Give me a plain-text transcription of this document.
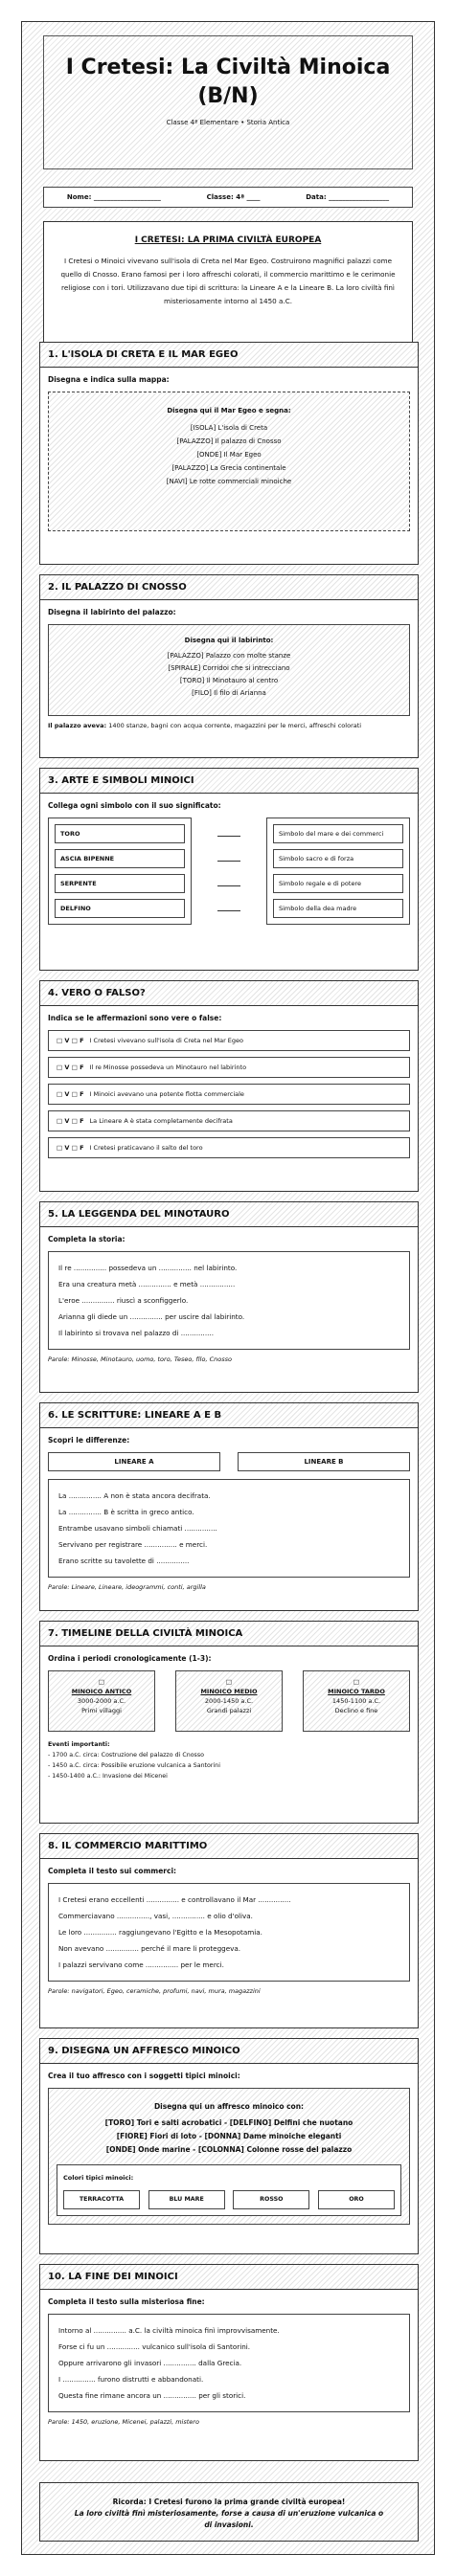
I Cretesi: La Civiltà Minoica
(B/N)
Classe 4ª Elementare • Storia Antica
Nome: ____________________	Classe: 4ª ____	Data: __________________
I CRETESI: LA PRIMA CIVILTÀ EUROPEA

I Cretesi o Minoici vivevano sull'isola di Creta nel Mar Egeo. Costruirono magnifici palazzi come quello di Cnosso. Erano famosi per i loro affreschi colorati, il commercio marittimo e le cerimonie religiose con i tori. Utilizzavano due tipi di scrittura: la Lineare A e la Lineare B. La loro civiltà finì misteriosamente intorno al 1450 a.C.

1. L'ISOLA DI CRETA E IL MAR EGEO
Disegna e indica sulla mappa:
Disegna qui il Mar Egeo e segna:
[ISOLA] L'isola di Creta
[PALAZZO] Il palazzo di Cnosso
[ONDE] Il Mar Egeo
[PALAZZO] La Grecia continentale
[NAVI] Le rotte commerciali minoiche
2. IL PALAZZO DI CNOSSO
Disegna il labirinto del palazzo:
Disegna qui il labirinto:
[PALAZZO] Palazzo con molte stanze
[SPIRALE] Corridoi che si intrecciano
[TORO] Il Minotauro al centro
[FILO] Il filo di Arianna
Il palazzo aveva: 1400 stanze, bagni con acqua corrente, magazzini per le merci, affreschi colorati
3. ARTE E SIMBOLI MINOICI
Collega ogni simbolo con il suo significato:
TORO
ASCIA BIPENNE
SERPENTE
DELFINO
Simbolo del mare e dei commerci
Simbolo sacro e di forza
Simbolo regale e di potere
Simbolo della dea madre
4. VERO O FALSO?
Indica se le affermazioni sono vere o false:
□ V □ F I Cretesi vivevano sull'isola di Creta nel Mar Egeo
□ V □ F Il re Minosse possedeva un Minotauro nel labirinto
□ V □ F I Minoici avevano una potente flotta commerciale
□ V □ F La Lineare A è stata completamente decifrata
□ V □ F I Cretesi praticavano il salto del toro
5. LA LEGGENDA DEL MINOTAURO
Completa la storia:
Il re ............... possedeva un ............... nel labirinto.
Era una creatura metà ............... e metà ................
L'eroe ............... riuscì a sconfiggerlo.
Arianna gli diede un ............... per uscire dal labirinto.
Il labirinto si trovava nel palazzo di ...............
Parole: Minosse, Minotauro, uomo, toro, Teseo, filo, Cnosso
6. LE SCRITTURE: LINEARE A E B
Scopri le differenze:
LINEARE A	LINEARE B
La ............... A non è stata ancora decifrata.
La ............... B è scritta in greco antico.
Entrambe usavano simboli chiamati ...............
Servivano per registrare ............... e merci.
Erano scritte su tavolette di ...............
Parole: Lineare, Lineare, ideogrammi, conti, argilla
7. TIMELINE DELLA CIVILTÀ MINOICA
Ordina i periodi cronologicamente (1-3):
□
MINOICO ANTICO
3000-2000 a.C.
Primi villaggi
□
MINOICO MEDIO
2000-1450 a.C.
Grandi palazzi
□
MINOICO TARDO
1450-1100 a.C.
Declino e fine
Eventi importanti:
- 1700 a.C. circa: Costruzione del palazzo di Cnosso
- 1450 a.C. circa: Possibile eruzione vulcanica a Santorini
- 1450-1400 a.C.: Invasione dei Micenei
8. IL COMMERCIO MARITTIMO
Completa il testo sui commerci:
I Cretesi erano eccellenti ............... e controllavano il Mar ...............
Commerciavano ..............., vasi, ............... e olio d'oliva.
Le loro ............... raggiungevano l'Egitto e la Mesopotamia.
Non avevano ............... perché il mare li proteggeva.
I palazzi servivano come ............... per le merci.
Parole: navigatori, Egeo, ceramiche, profumi, navi, mura, magazzini
9. DISEGNA UN AFFRESCO MINOICO
Crea il tuo affresco con i soggetti tipici minoici:
Disegna qui un affresco minoico con:
[TORO] Tori e salti acrobatici - [DELFINO] Delfini che nuotano
[FIORE] Fiori di loto - [DONNA] Dame minoiche eleganti
[ONDE] Onde marine - [COLONNA] Colonne rosse del palazzo
Colori tipici minoici:
TERRACOTTA	BLU MARE	ROSSO	ORO
10. LA FINE DEI MINOICI
Completa il testo sulla misteriosa fine:
Intorno al ............... a.C. la civiltà minoica finì improvvisamente.
Forse ci fu un ............... vulcanico sull'isola di Santorini.
Oppure arrivarono gli invasori ............... dalla Grecia.
I ............... furono distrutti e abbandonati.
Questa fine rimane ancora un ............... per gli storici.
Parole: 1450, eruzione, Micenei, palazzi, mistero
Ricorda: I Cretesi furono la prima grande civiltà europea!
La loro civiltà finì misteriosamente, forse a causa di un'eruzione vulcanica o
di invasioni.
